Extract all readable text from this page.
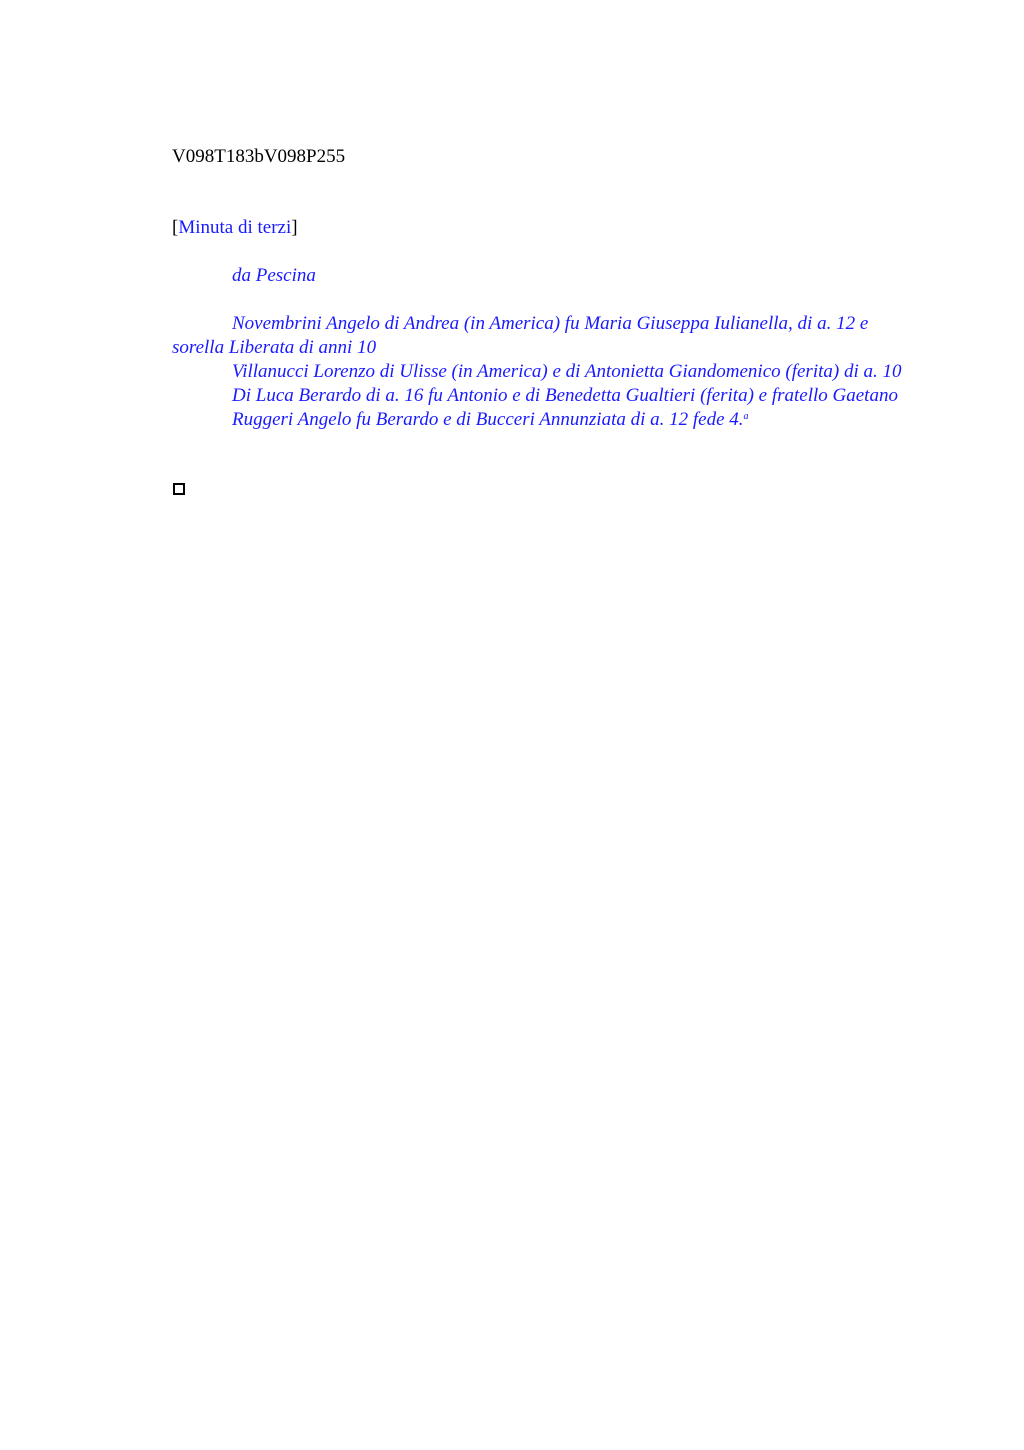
V098T183bV098P255
[Minuta di terzi]
da Pescina

Novembrini Angelo di Andrea (in America) fu Maria Giuseppa Iulianella, di a. 12 e sorella Liberata di anni 10

Villanucci Lorenzo di Ulisse (in America) e di Antonietta Giandomenico (ferita) di a. 10

Di Luca Berardo di a. 16 fu Antonio e di Benedetta Gualtieri (ferita) e fratello Gaetano

Ruggeri Angelo fu Berardo e di Bucceri Annunziata di a. 12 fede 4.$^a$
